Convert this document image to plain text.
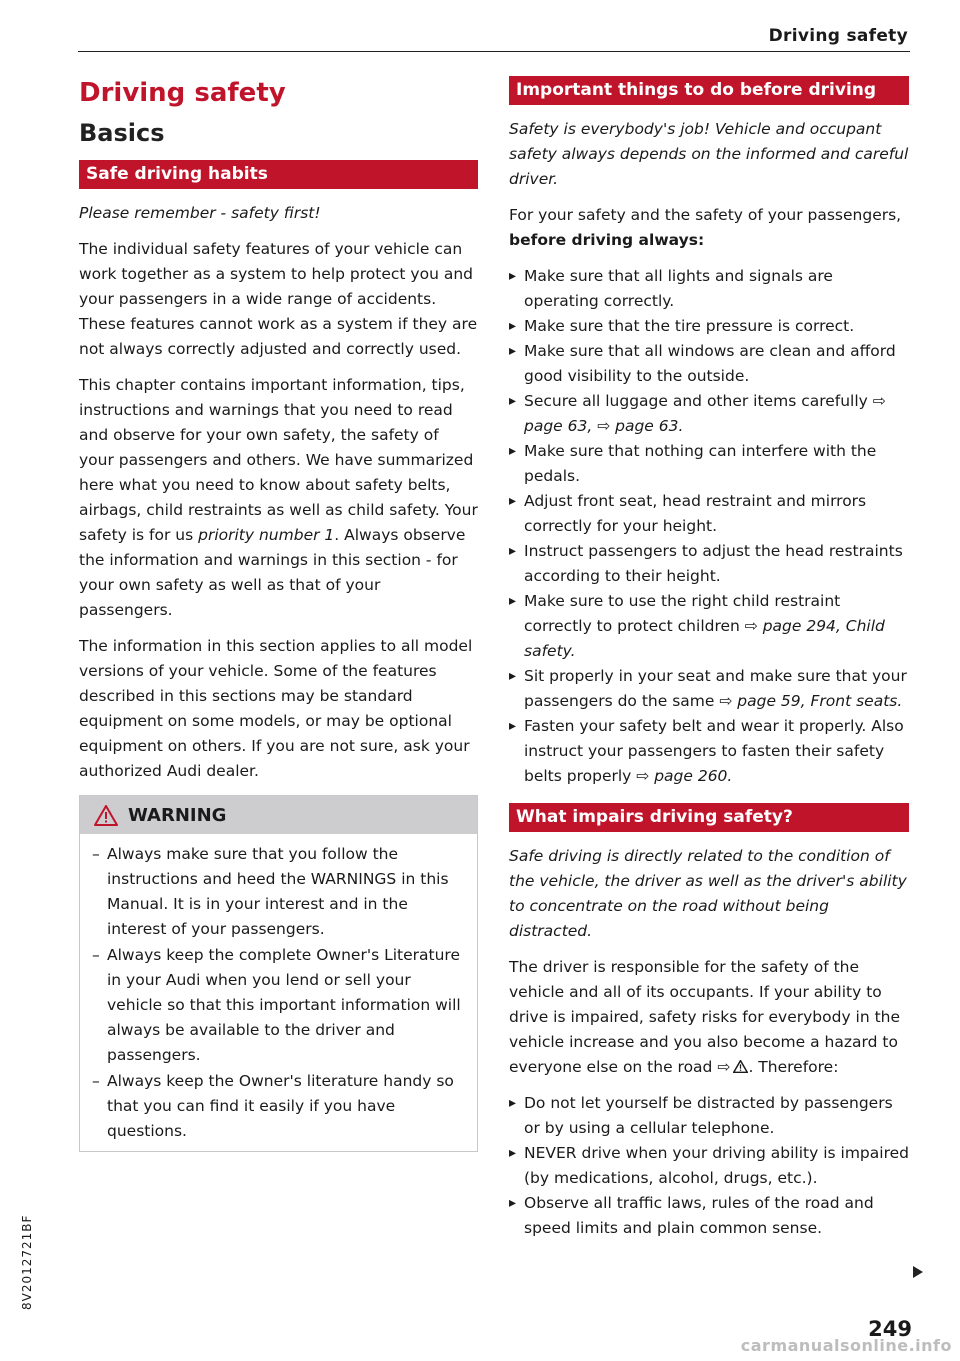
Driving safety
Driving safety
Basics
Safe driving habits

Please remember - safety first!

The individual safety features of your vehicle can work together as a system to help protect you and your passengers in a wide range of accidents. These features cannot work as a system if they are not always correctly adjusted and correctly used.

This chapter contains important information, tips, instructions and warnings that you need to read and observe for your own safety, the safety of your passengers and others. We have summarized here what you need to know about safety belts, airbags, child restraints as well as child safety. Your safety is for us priority number 1. Always observe the information and warnings in this section - for your own safety as well as that of your passengers.

The information in this section applies to all model versions of your vehicle. Some of the features described in this sections may be standard equipment on some models, or may be optional equipment on others. If you are not sure, ask your authorized Audi dealer.

WARNING
– Always make sure that you follow the instructions and heed the WARNINGS in this Manual. It is in your interest and in the interest of your passengers.
– Always keep the complete Owner's Literature in your Audi when you lend or sell your vehicle so that this important information will always be available to the driver and passengers.
– Always keep the Owner's literature handy so that you can find it easily if you have questions.
Important things to do before driving

Safety is everybody's job! Vehicle and occupant safety always depends on the informed and careful driver.

For your safety and the safety of your passengers, before driving always:

▸ Make sure that all lights and signals are operating correctly.
▸ Make sure that the tire pressure is correct.
▸ Make sure that all windows are clean and afford good visibility to the outside.
▸ Secure all luggage and other items carefully ⇨ page 63, ⇨ page 63.
▸ Make sure that nothing can interfere with the pedals.
▸ Adjust front seat, head restraint and mirrors correctly for your height.
▸ Instruct passengers to adjust the head restraints according to their height.
▸ Make sure to use the right child restraint correctly to protect children ⇨ page 294, Child safety.
▸ Sit properly in your seat and make sure that your passengers do the same ⇨ page 59, Front seats.
▸ Fasten your safety belt and wear it properly. Also instruct your passengers to fasten their safety belts properly ⇨ page 260.
What impairs driving safety?

Safe driving is directly related to the condition of the vehicle, the driver as well as the driver's ability to concentrate on the road without being distracted.

The driver is responsible for the safety of the vehicle and all of its occupants. If your ability to drive is impaired, safety risks for everybody in the vehicle increase and you also become a hazard to everyone else on the road ⇨  . Therefore:

▸ Do not let yourself be distracted by passengers or by using a cellular telephone.
▸ NEVER drive when your driving ability is impaired (by medications, alcohol, drugs, etc.).
▸ Observe all traffic laws, rules of the road and speed limits and plain common sense.
8V2012721BF
249
carmanualsonline.info
